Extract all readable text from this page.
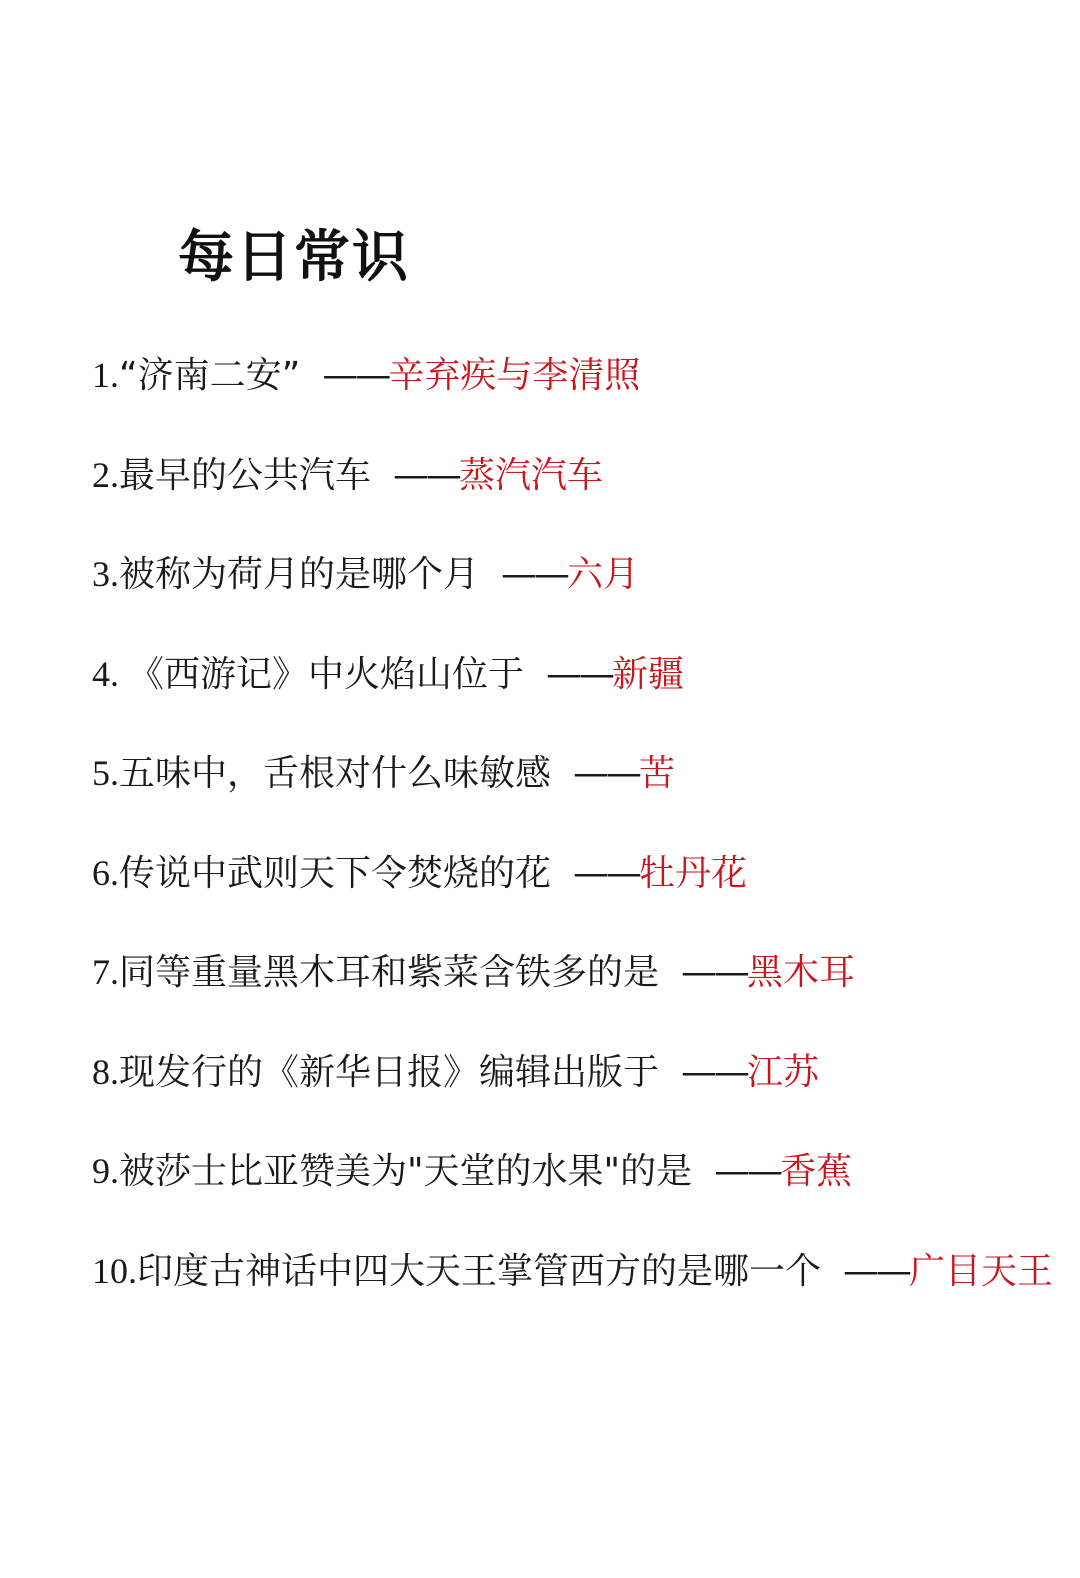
每日常识
1.“济南二安” ——辛弃疾与李清照
2.最早的公共汽车 ——蒸汽汽车
3.被称为荷月的是哪个月 ——六月
4. 《西游记》中火焰山位于 ——新疆
5.五味中，舌根对什么味敏感 ——苦
6.传说中武则天下令焚烧的花 ——牡丹花
7.同等重量黑木耳和紫菜含铁多的是 ——黑木耳
8.现发行的《新华日报》编辑出版于 ——江苏
9.被莎士比亚赞美为"天堂的水果"的是 ——香蕉
10.印度古神话中四大天王掌管西方的是哪一个 ——广目天王
